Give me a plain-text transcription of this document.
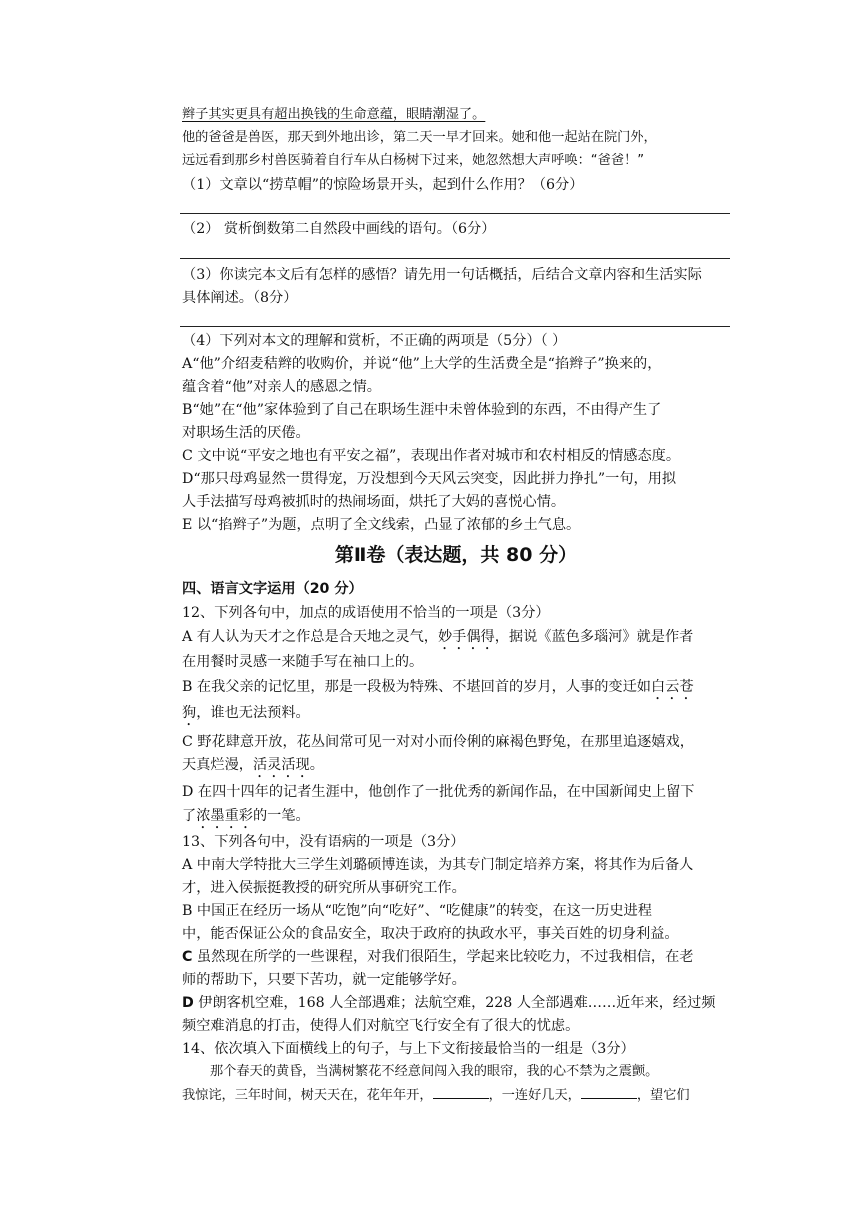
辫子其实更具有超出换钱的生命意蕴，眼睛潮湿了。
他的爸爸是兽医，那天到外地出诊，第二天一早才回来。她和他一起站在院门外，
远远看到那乡村兽医骑着自行车从白杨树下过来，她忽然想大声呼唤：“爸爸！”
（1）文章以“捞草帽”的惊险场景开头，起到什么作用？（6分）
（2） 赏析倒数第二自然段中画线的语句。（6分）
（3）你读完本文后有怎样的感悟？请先用一句话概括，后结合文章内容和生活实际
具体阐述。（8分）
（4）下列对本文的理解和赏析，不正确的两项是（5分）（ ）
A“他”介绍麦秸辫的收购价，并说“他”上大学的生活费全是“掐辫子”换来的，
蕴含着“他”对亲人的感恩之情。
B“她”在“他”家体验到了自己在职场生涯中未曾体验到的东西，不由得产生了
对职场生活的厌倦。
C 文中说“平安之地也有平安之福”，表现出作者对城市和农村相反的情感态度。
D“那只母鸡显然一贯得宠，万没想到今天风云突变，因此拼力挣扎”一句，用拟
人手法描写母鸡被抓时的热闹场面，烘托了大妈的喜悦心情。
E 以“掐辫子”为题，点明了全文线索，凸显了浓郁的乡土气息。
第Ⅱ卷（表达题，共 80 分）
四、语言文字运用（20 分）
12、下列各句中，加点的成语使用不恰当的一项是（3分）
A 有人认为天才之作总是合天地之灵气，妙手偶得，据说《蓝色多瑙河》就是作者
在用餐时灵感一来随手写在袖口上的。
B 在我父亲的记忆里，那是一段极为特殊、不堪回首的岁月，人事的变迁如白云苍
狗，谁也无法预料。
C 野花肆意开放，花丛间常可见一对对小而伶俐的麻褐色野兔，在那里追逐嬉戏，
天真烂漫，活灵活现。
D 在四十四年的记者生涯中，他创作了一批优秀的新闻作品，在中国新闻史上留下
了浓墨重彩的一笔。
13、下列各句中，没有语病的一项是（3分）
A 中南大学特批大三学生刘璐硕博连读，为其专门制定培养方案，将其作为后备人
才，进入侯振挺教授的研究所从事研究工作。
B 中国正在经历一场从“吃饱”向“吃好”、“吃健康”的转变，在这一历史进程
中，能否保证公众的食品安全，取决于政府的执政水平，事关百姓的切身利益。
C 虽然现在所学的一些课程，对我们很陌生，学起来比较吃力，不过我相信，在老
师的帮助下，只要下苦功，就一定能够学好。
D 伊朗客机空难，168 人全部遇难；法航空难，228 人全部遇难……近年来，经过频
频空难消息的打击，使得人们对航空飞行安全有了很大的忧虑。
14、依次填入下面横线上的句子，与上下文衔接最恰当的一组是（3分）
那个春天的黄昏，当满树繁花不经意间闯入我的眼帘，我的心不禁为之震颤。
我惊诧，三年时间，树天天在，花年年开，	，一连好几天，	，望它们
